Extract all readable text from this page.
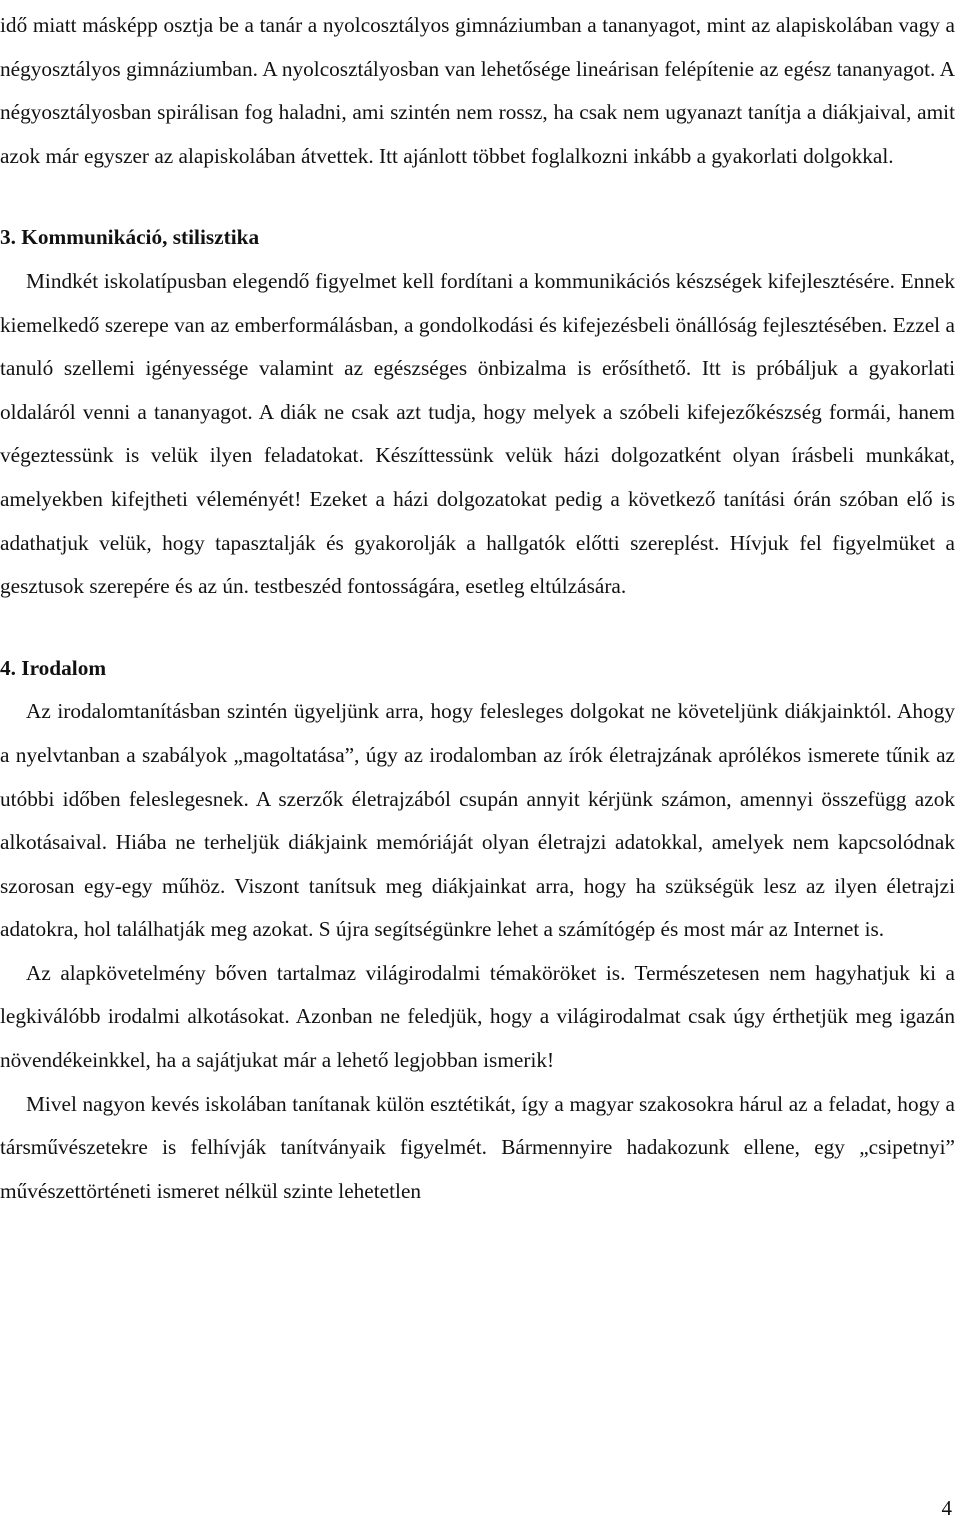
idő miatt másképp osztja be a tanár a nyolcosztályos gimnáziumban a tananyagot, mint az alapiskolában vagy a négyosztályos gimnáziumban. A nyolcosztályosban van lehetősége lineárisan felépítenie az egész tananyagot. A négyosztályosban spirálisan fog haladni, ami szintén nem rossz, ha csak nem ugyanazt tanítja a diákjaival, amit azok már egyszer az alapiskolában átvettek. Itt ajánlott többet foglalkozni inkább a gyakorlati dolgokkal.

3. Kommunikáció, stilisztika

Mindkét iskolatípusban elegendő figyelmet kell fordítani a kommunikációs készségek kifejlesztésére. Ennek kiemelkedő szerepe van az emberformálásban, a gondolkodási és kifejezésbeli önállóság fejlesztésében. Ezzel a tanuló szellemi igényessége valamint az egészséges önbizalma is erősíthető. Itt is próbáljuk a gyakorlati oldaláról venni a tananyagot. A diák ne csak azt tudja, hogy melyek a szóbeli kifejezőkészség formái, hanem végeztessünk is velük ilyen feladatokat. Készíttessünk velük házi dolgozatként olyan írásbeli munkákat, amelyekben kifejtheti véleményét! Ezeket a házi dolgozatokat pedig a következő tanítási órán szóban elő is adathatjuk velük, hogy tapasztalják és gyakorolják a hallgatók előtti szereplést. Hívjuk fel figyelmüket a gesztusok szerepére és az ún. testbeszéd fontosságára, esetleg eltúlzására.

4. Irodalom

Az irodalomtanításban szintén ügyeljünk arra, hogy felesleges dolgokat ne követeljünk diákjainktól. Ahogy a nyelvtanban a szabályok „magoltatása”, úgy az irodalomban az írók életrajzának aprólékos ismerete tűnik az utóbbi időben feleslegesnek. A szerzők életrajzából csupán annyit kérjünk számon, amennyi összefügg azok alkotásaival. Hiába ne terheljük diákjaink memóriáját olyan életrajzi adatokkal, amelyek nem kapcsolódnak szorosan egy-egy műhöz. Viszont tanítsuk meg diákjainkat arra, hogy ha szükségük lesz az ilyen életrajzi adatokra, hol találhatják meg azokat. S újra segítségünkre lehet a számítógép és most már az Internet is.

Az alapkövetelmény bőven tartalmaz világirodalmi témaköröket is. Természetesen nem hagyhatjuk ki a legkiválóbb irodalmi alkotásokat. Azonban ne feledjük, hogy a világirodalmat csak úgy érthetjük meg igazán növendékeinkkel, ha a sajátjukat már a lehető legjobban ismerik!

Mivel nagyon kevés iskolában tanítanak külön esztétikát, így a magyar szakosokra hárul az a feladat, hogy a társművészetekre is felhívják tanítványaik figyelmét. Bármennyire hadakozunk ellene, egy „csipetnyi” művészettörténeti ismeret nélkül szinte lehetetlen

4
